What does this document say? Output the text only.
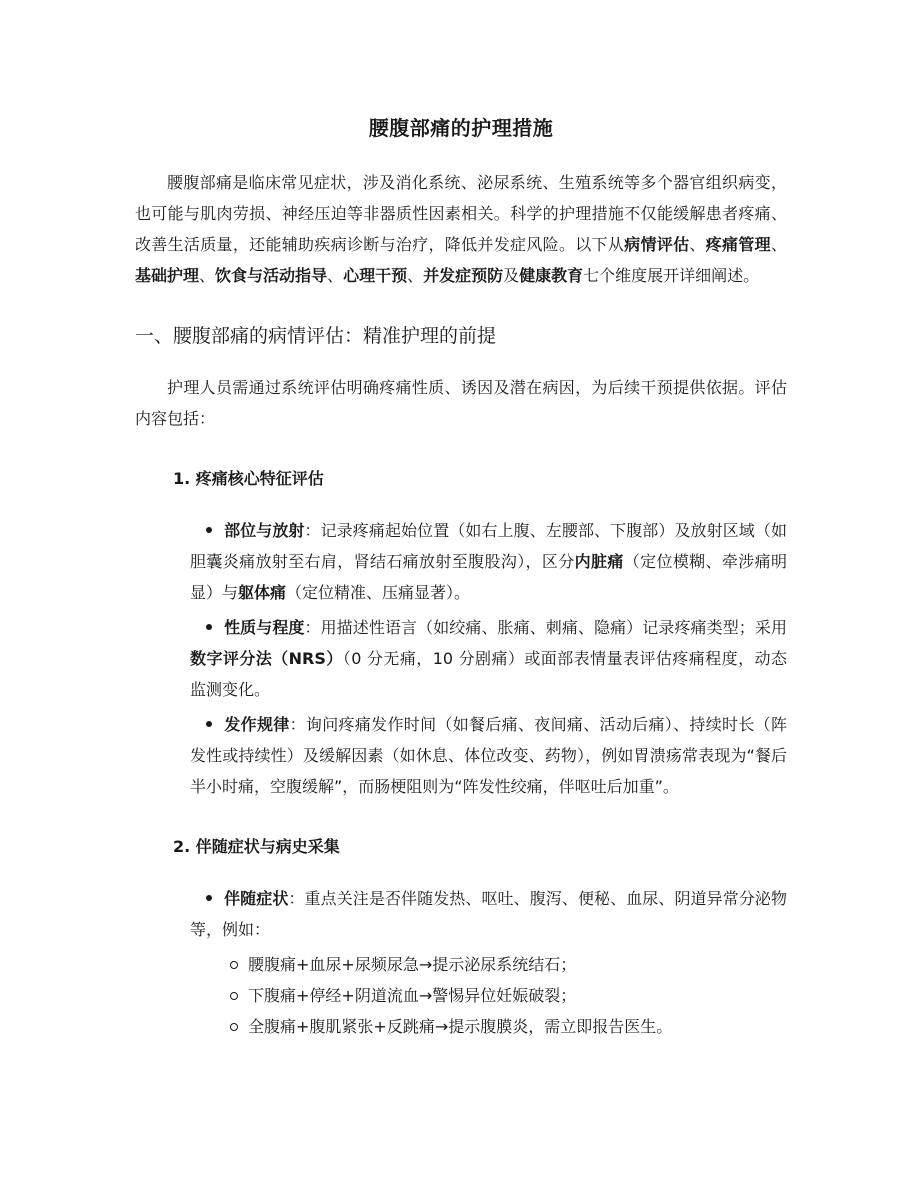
腰腹部痛的护理措施

腰腹部痛是临床常见症状，涉及消化系统、泌尿系统、生殖系统等多个器官组织病变，也可能与肌肉劳损、神经压迫等非器质性因素相关。科学的护理措施不仅能缓解患者疼痛、改善生活质量，还能辅助疾病诊断与治疗，降低并发症风险。以下从病情评估、疼痛管理、基础护理、饮食与活动指导、心理干预、并发症预防及健康教育七个维度展开详细阐述。

一、腰腹部痛的病情评估：精准护理的前提

护理人员需通过系统评估明确疼痛性质、诱因及潜在病因，为后续干预提供依据。评估内容包括：

1. 疼痛核心特征评估
部位与放射：记录疼痛起始位置（如右上腹、左腰部、下腹部）及放射区域（如胆囊炎痛放射至右肩，肾结石痛放射至腹股沟），区分内脏痛（定位模糊、牵涉痛明显）与躯体痛（定位精准、压痛显著）。
性质与程度：用描述性语言（如绞痛、胀痛、刺痛、隐痛）记录疼痛类型；采用数字评分法（NRS）（0 分无痛，10 分剧痛）或面部表情量表评估疼痛程度，动态监测变化。
发作规律：询问疼痛发作时间（如餐后痛、夜间痛、活动后痛）、持续时长（阵发性或持续性）及缓解因素（如休息、体位改变、药物），例如胃溃疡常表现为“餐后半小时痛，空腹缓解”，而肠梗阻则为“阵发性绞痛，伴呕吐后加重”。
2. 伴随症状与病史采集
伴随症状：重点关注是否伴随发热、呕吐、腹泻、便秘、血尿、阴道异常分泌物等，例如：
腰腹痛+血尿+尿频尿急→提示泌尿系统结石；
下腹痛+停经+阴道流血→警惕异位妊娠破裂；
全腹痛+腹肌紧张+反跳痛→提示腹膜炎，需立即报告医生。
